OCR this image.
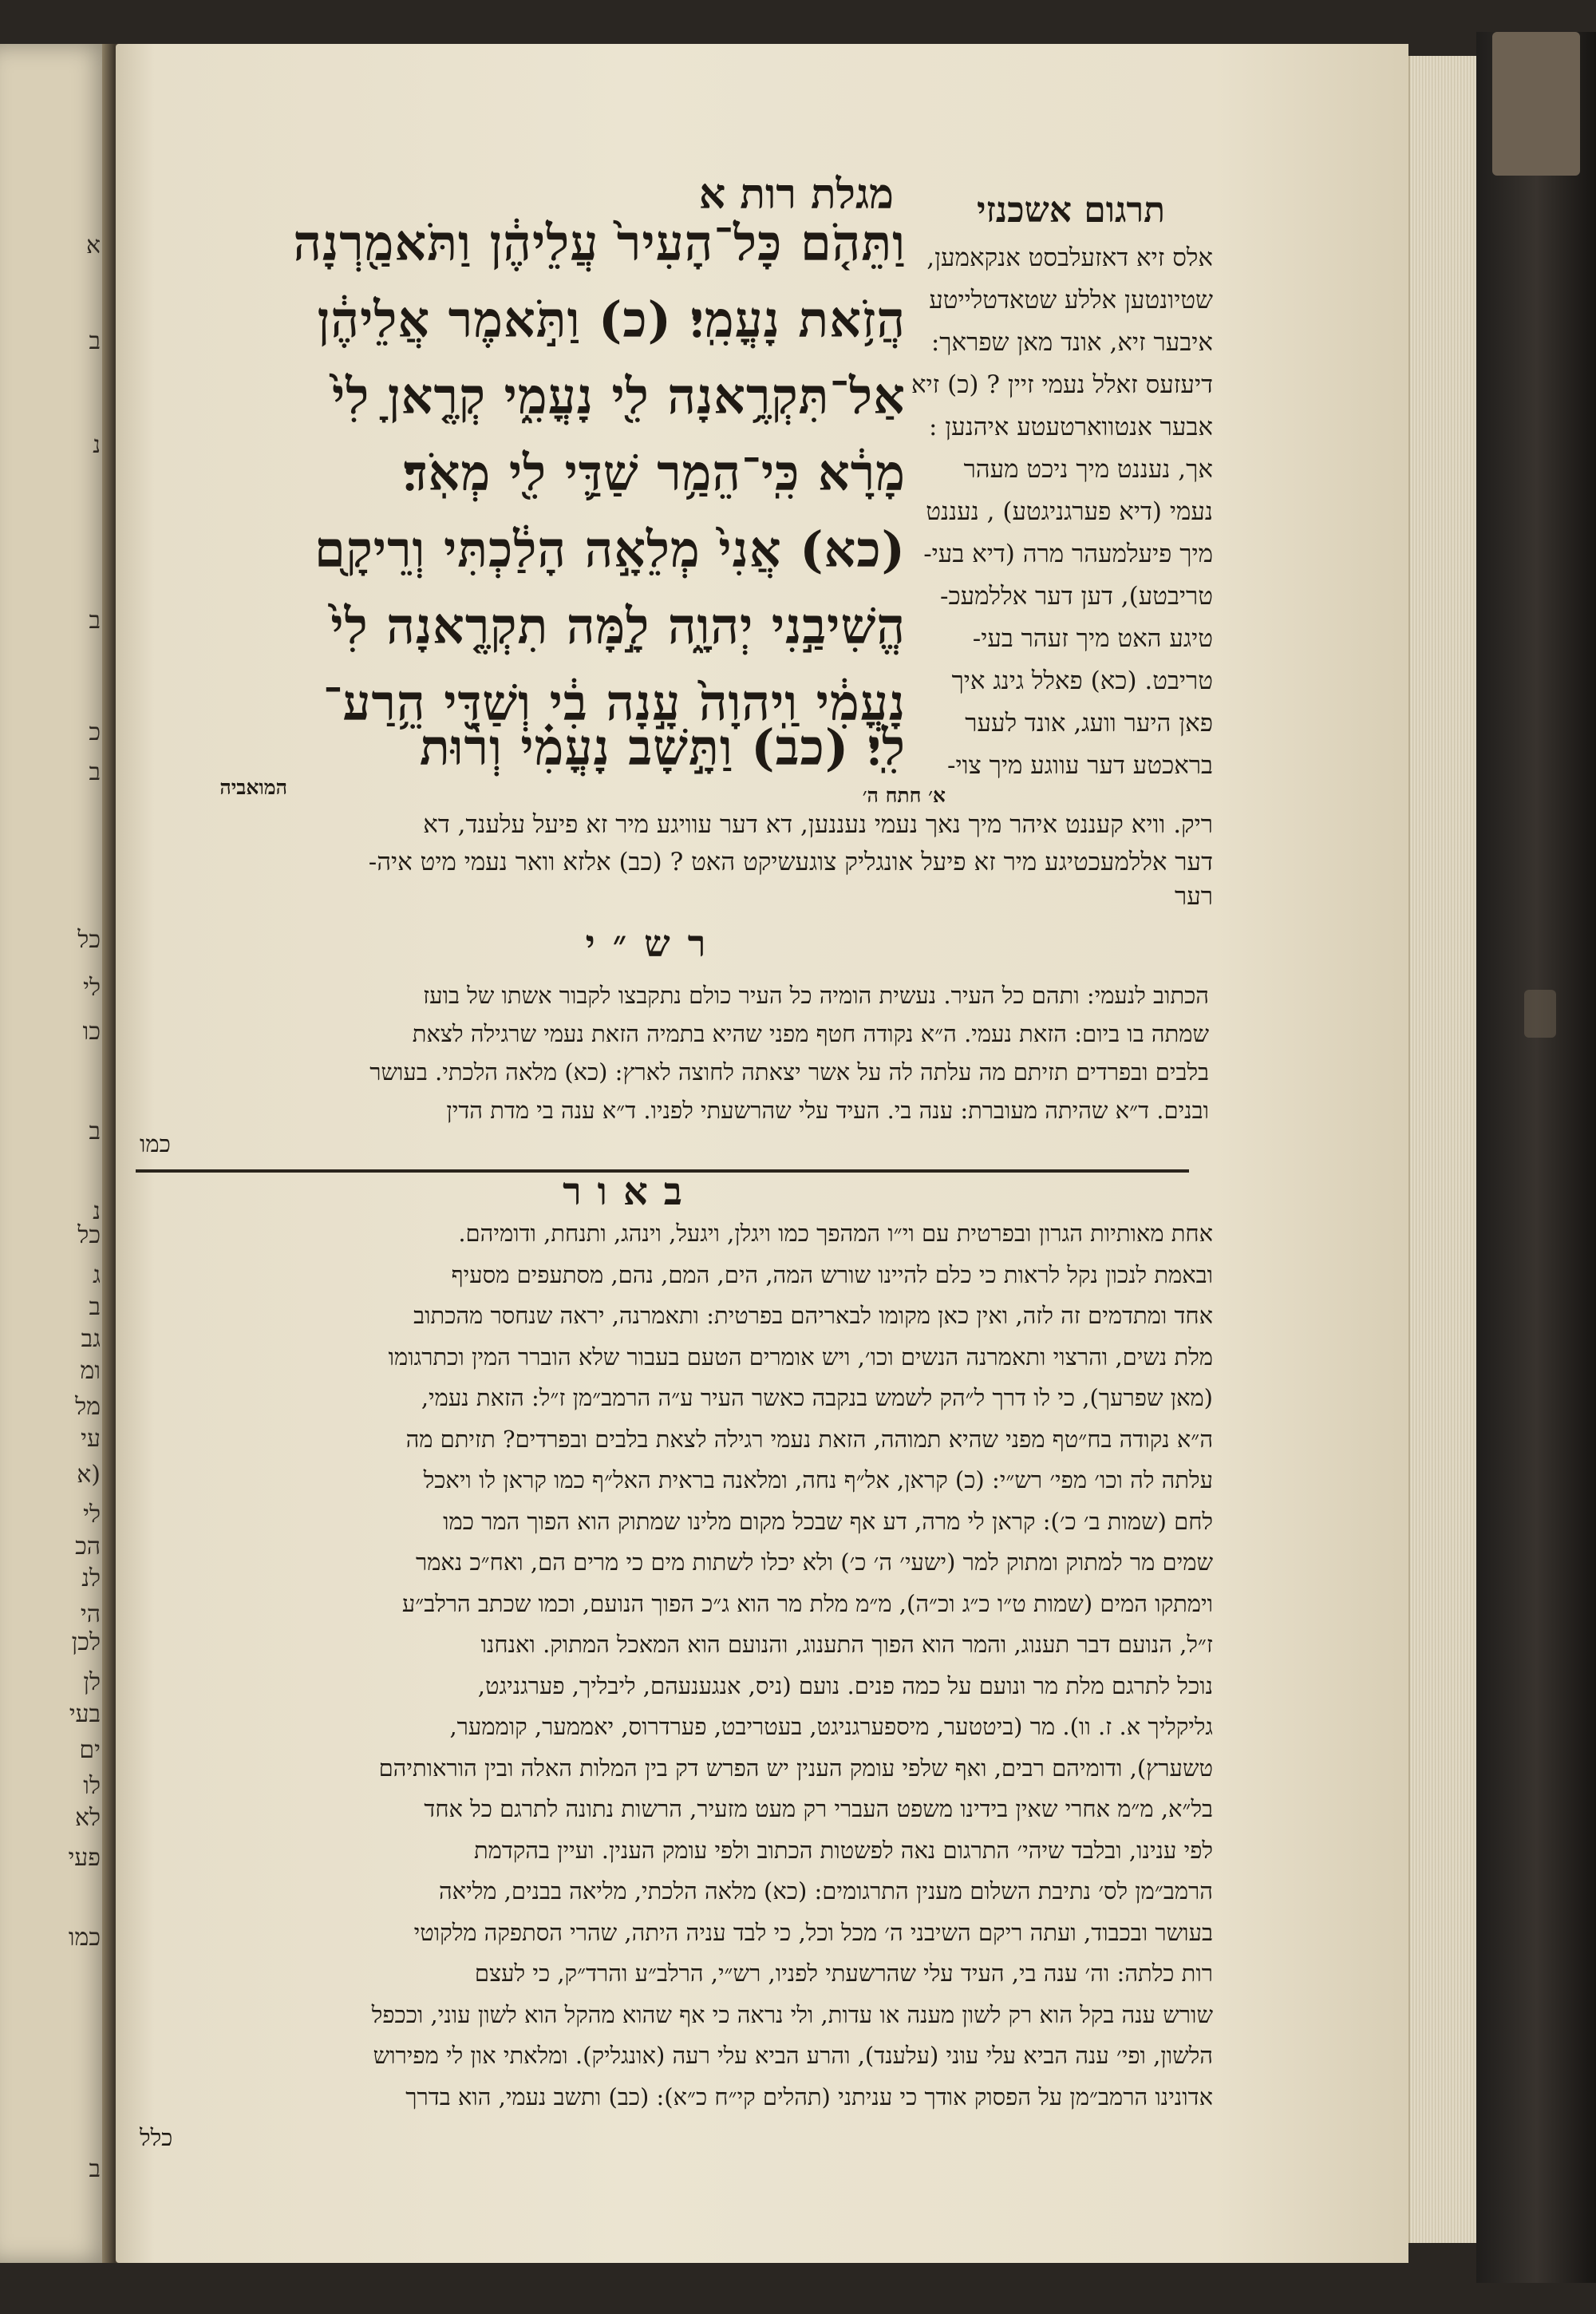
א
ב
נ
ב
כ
ב
כל
לי
כו
ב
נ
כל
ג
ב
גב
ומ
מל
עי
(א
לי
הכ
לנ
הי
לכן
לן
בעי
ים
לו
לא
פעי
כמו
ב
תרגום אשכנזי
מגלת רות א
וַתֵּהֹ֤ם כָּל־הָעִיר֙ עֲלֵיהֶ֔ן וַתֹּאמַ֖רְנָה
הֲזֹ֥את נָעֳמִֽי׃ (כ) וַתֹּ֣אמֶר אֲלֵיהֶ֔ן
אַל־תִּקְרֶ֥אנָה לִ֖י נָעֳמִ֑י קְרֶ֤אןָ לִי֙
מָרָ֔א כִּֽי־הֵמַ֥ר שַׁדַּ֛י לִ֖י מְאֹֽד׃
(כא) אֲנִי֙ מְלֵאָ֣ה הָלַ֔כְתִּי וְרֵיקָ֖ם
הֱשִׁיבַ֣נִי יְהוָ֑ה לָ֣מָּה תִקְרֶ֤אנָה לִי֙
נָעֳמִ֔י וַֽיהוָה֙ עָ֣נָה בִ֔י וְשַׁדַּ֖י הֵ֥רַע־
לִֽי׃ (כב) וַתָּ֣שָׁב נָעֳמִ֗י וְר֨וּת
אלס זיא דאזעלבסט אנקאמען,
שטיונטען אללע שטאדטלייטע
איבער זיא, אונד מאן שפראך:
דיעזעס זאלל נעמי זיין ? (כ) זיא
אבער אנטווארטעטע איהנען :
אך, נעננט מיך ניכט מעהר
נעמי (דיא פערגניגטע) , נעננט
מיך פיעלמעהר מרה (דיא בעי-
טריבטע), דען דער אללמעכ-
טיגע האט מיך זעהר בעי-
טריבט. (כא) פאלל גינג איך
פאן היער וועג, אונד לעער
בראכטע דער עווגע מיך צוי-
א׳ חתח ה׳
המואביה
ריק. וויא קעננט איהר מיך נאך נעמי נעננען, דא דער עוויגע מיר זא פיעל עלענד, דא
דער אללמעכטיגע מיר זא פיעל אונגליק צוגעשיקט האט ? (כב) אלזא וואר נעמי מיט איה-
רער
רש״י
הכתוב לנעמי: ותהם כל העיר. נעשית הומיה כל העיר כולם נתקבצו לקבור אשתו של בועז
שמתה בו ביום: הזאת נעמי. ה״א נקודה חטף מפני שהיא בתמיה הזאת נעמי שרגילה לצאת
בלבים ובפרדים תזיתם מה עלתה לה על אשר יצאתה לחוצה לארץ: (כא) מלאה הלכתי. בעושר
ובנים. ד״א שהיתה מעוברת: ענה בי. העיד עלי שהרשעתי לפניו. ד״א ענה בי מדת הדין
כמו
באור
אחת מאותיות הגרון ובפרטית עם וי״ו המהפך כמו ויגלן, ויגעל, וינהג, ותנחת, ודומיהם.
ובאמת לנכון נקל לראות כי כלם להיינו שורש המה, הים, המם, נהם, מסתעפים מסעיף
אחד ומתדמים זה לזה, ואין כאן מקומו לבאריהם בפרטית: ותאמרנה, יראה שנחסר מהכתוב
מלת נשים, והרצוי ותאמרנה הנשים וכו׳, ויש אומרים הטעם בעבור שלא הוברר המין וכתרגומו
(מאן שפרעך), כי לו דרך ל״הק לשמש בנקבה כאשר העיר ע״ה הרמב״מן ז״ל: הזאת נעמי,
ה״א נקודה בח״טף מפני שהיא תמוהה, הזאת נעמי רגילה לצאת בלבים ובפרדים? תזיתם מה
עלתה לה וכו׳ מפי׳ רש״י: (כ) קראן, אל״ף נחה, ומלאנה בראית האל״ף כמו קראן לו ויאכל
לחם (שמות ב׳ כ׳): קראן לי מרה, דע אף שבכל מקום מלינו שמתוק הוא הפוך המר כמו
שמים מר למתוק ומתוק למר (ישעי׳ ה׳ כ׳) ולא יכלו לשתות מים כי מרים הם, ואח״כ נאמר
וימתקו המים (שמות ט״ו כ״ג וכ״ה), מ״מ מלת מר הוא ג״כ הפוך הנועם, וכמו שכתב הרלב״ע
ז״ל, הנועם דבר תענוג, והמר הוא הפוך התענוג, והנועם הוא המאכל המתוק. ואנחנו
נוכל לתרגם מלת מר ונועם על כמה פנים. נועם (ניס, אנגענעהם, ליבליך, פערגניגט,
גליקליך א. ז. וו). מר (ביטטער, מיספערגניגט, בעטריבט, פערדרוס, יאממער, קוממער,
טשערץ), ודומיהם רבים, ואף שלפי עומק הענין יש הפרש דק בין המלות האלה ובין הוראותיהם
בל״א, מ״מ אחרי שאין בידינו משפט העברי רק מעט מזעיר, הרשות נתונה לתרגם כל אחד
לפי ענינו, ובלבד שיהי׳ התרגום נאה לפשטות הכתוב ולפי עומק הענין. ועיין בהקדמת
הרמב״מן לס׳ נתיבת השלום מענין התרגומים: (כא) מלאה הלכתי, מליאה בבנים, מליאה
בעושר ובכבוד, ועתה ריקם השיבני ה׳ מכל וכל, כי לבד עניה היתה, שהרי הסתפקה מלקוטי
רות כלתה: וה׳ ענה בי, העיד עלי שהרשעתי לפניו, רש״י, הרלב״ע והרד״ק, כי לעצם
שורש ענה בקל הוא רק לשון מענה או עדות, ולי נראה כי אף שהוא מהקל הוא לשון עוני, וככפל
הלשון, ופי׳ ענה הביא עלי עוני (עלענד), והרע הביא עלי רעה (אונגליק). ומלאתי און לי מפירוש
אדונינו הרמב״מן על הפסוק אודך כי עניתני (תהלים קי״ח כ״א): (כב) ותשב נעמי, הוא בדרך
כלל
